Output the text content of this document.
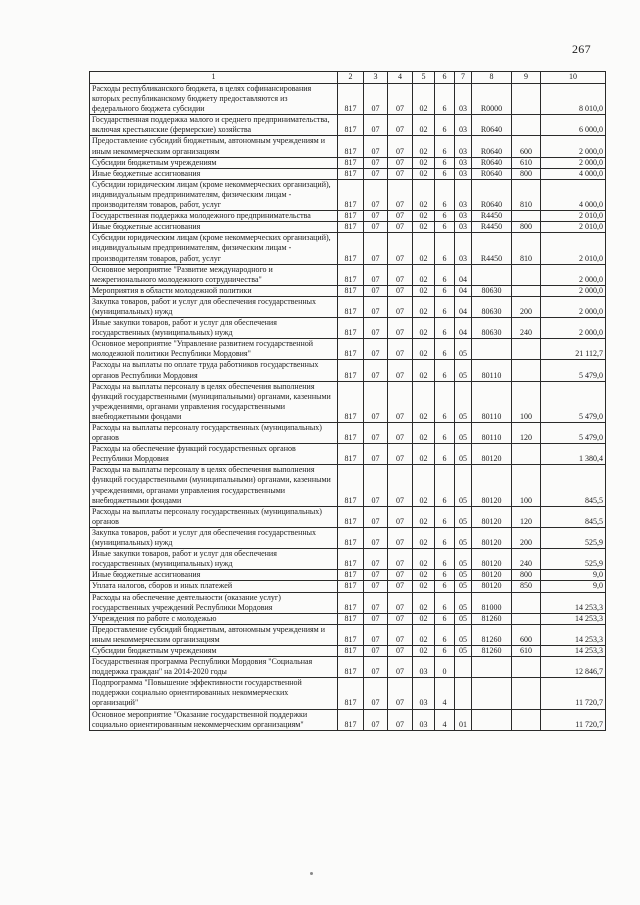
267
1	2	3	4	5	6	7	8	9	10
Расходы республиканского бюджета, в целях софинансирования которых республиканскому бюджету предоставляются из федерального бюджета субсидии	817	07	07	02	6	03	R0000		8 010,0
Государственная поддержка малого и среднего предпринимательства, включая крестьянские (фермерские) хозяйства	817	07	07	02	6	03	R0640		6 000,0
Предоставление субсидий бюджетным, автономным учреждениям и иным некоммерческим организациям	817	07	07	02	6	03	R0640	600	2 000,0
Субсидии бюджетным учреждениям	817	07	07	02	6	03	R0640	610	2 000,0
Иные бюджетные ассигнования	817	07	07	02	6	03	R0640	800	4 000,0
Субсидии юридическим лицам (кроме некоммерческих организаций), индивидуальным предпринимателям, физическим лицам - производителям товаров, работ, услуг	817	07	07	02	6	03	R0640	810	4 000,0
Государственная поддержка молодежного предпринимательства	817	07	07	02	6	03	R4450		2 010,0
Иные бюджетные ассигнования	817	07	07	02	6	03	R4450	800	2 010,0
Субсидии юридическим лицам (кроме некоммерческих организаций), индивидуальным предпринимателям, физическим лицам - производителям товаров, работ, услуг	817	07	07	02	6	03	R4450	810	2 010,0
Основное мероприятие "Развитие международного и межрегионального молодежного сотрудничества"	817	07	07	02	6	04			2 000,0
Мероприятия в области молодежной политики	817	07	07	02	6	04	80630		2 000,0
Закупка товаров, работ и услуг для обеспечения государственных (муниципальных) нужд	817	07	07	02	6	04	80630	200	2 000,0
Иные закупки товаров, работ и услуг для обеспечения государственных (муниципальных) нужд	817	07	07	02	6	04	80630	240	2 000,0
Основное мероприятие "Управление развитием государственной молодежной политики Республики Мордовия"	817	07	07	02	6	05			21 112,7
Расходы на выплаты по оплате труда работников государственных органов Республики Мордовия	817	07	07	02	6	05	80110		5 479,0
Расходы на выплаты персоналу в целях обеспечения выполнения функций государственными (муниципальными) органами, казенными учреждениями, органами управления государственными внебюджетными фондами	817	07	07	02	6	05	80110	100	5 479,0
Расходы на выплаты персоналу государственных (муниципальных) органов	817	07	07	02	6	05	80110	120	5 479,0
Расходы на обеспечение функций государственных органов Республики Мордовия	817	07	07	02	6	05	80120		1 380,4
Расходы на выплаты персоналу в целях обеспечения выполнения функций государственными (муниципальными) органами, казенными учреждениями, органами управления государственными внебюджетными фондами	817	07	07	02	6	05	80120	100	845,5
Расходы на выплаты персоналу государственных (муниципальных) органов	817	07	07	02	6	05	80120	120	845,5
Закупка товаров, работ и услуг для обеспечения государственных (муниципальных) нужд	817	07	07	02	6	05	80120	200	525,9
Иные закупки товаров, работ и услуг для обеспечения государственных (муниципальных) нужд	817	07	07	02	6	05	80120	240	525,9
Иные бюджетные ассигнования	817	07	07	02	6	05	80120	800	9,0
Уплата налогов, сборов и иных платежей	817	07	07	02	6	05	80120	850	9,0
Расходы на обеспечение деятельности (оказание услуг) государственных учреждений Республики Мордовия	817	07	07	02	6	05	81000		14 253,3
Учреждения по работе с молодежью	817	07	07	02	6	05	81260		14 253,3
Предоставление субсидий бюджетным, автономным учреждениям и иным некоммерческим организациям	817	07	07	02	6	05	81260	600	14 253,3
Субсидии бюджетным учреждениям	817	07	07	02	6	05	81260	610	14 253,3
Государственная программа Республики Мордовия "Социальная поддержка граждан" на 2014-2020 годы	817	07	07	03	0				12 846,7
Подпрограмма "Повышение эффективности государственной поддержки социально ориентированных некоммерческих организаций"	817	07	07	03	4				11 720,7
Основное мероприятие "Оказание государственной поддержки социально ориентированным некоммерческим организациям"	817	07	07	03	4	01			11 720,7
